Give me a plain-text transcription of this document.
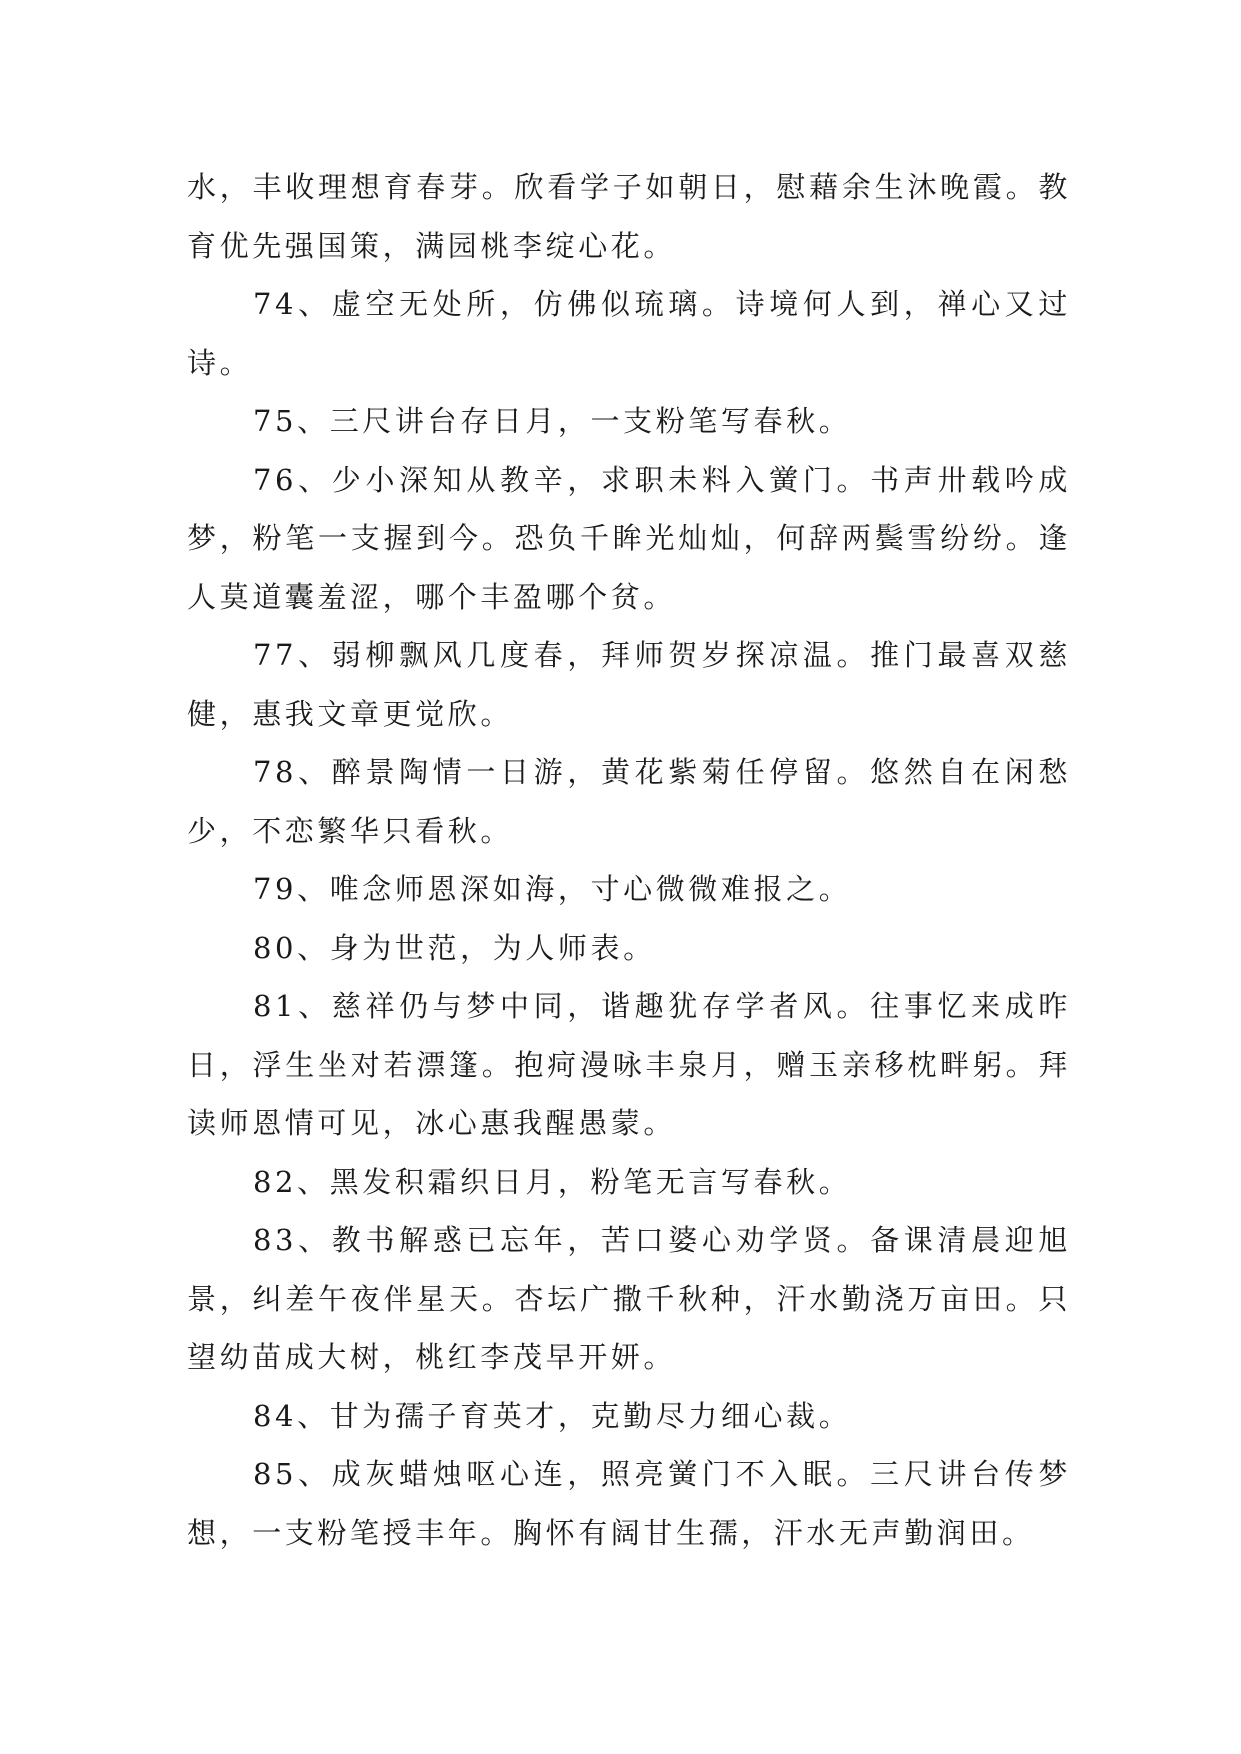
水，丰收理想育春芽。欣看学子如朝日，慰藉余生沐晚霞。教育优先强国策，满园桃李绽心花。

74、虚空无处所，仿佛似琉璃。诗境何人到，禅心又过诗。

75、三尺讲台存日月，一支粉笔写春秋。

76、少小深知从教辛，求职未料入黉门。书声卅载吟成梦，粉笔一支握到今。恐负千眸光灿灿，何辞两鬓雪纷纷。逢人莫道囊羞涩，哪个丰盈哪个贫。

77、弱柳飘风几度春，拜师贺岁探凉温。推门最喜双慈健，惠我文章更觉欣。

78、醉景陶情一日游，黄花紫菊任停留。悠然自在闲愁少，不恋繁华只看秋。

79、唯念师恩深如海，寸心微微难报之。

80、身为世范，为人师表。

81、慈祥仍与梦中同，谐趣犹存学者风。往事忆来成昨日，浮生坐对若漂篷。抱疴漫咏丰泉月，赠玉亲移枕畔躬。拜读师恩情可见，冰心惠我醒愚蒙。

82、黑发积霜织日月，粉笔无言写春秋。

83、教书解惑已忘年，苦口婆心劝学贤。备课清晨迎旭景，纠差午夜伴星天。杏坛广撒千秋种，汗水勤浇万亩田。只望幼苗成大树，桃红李茂早开妍。

84、甘为孺子育英才，克勤尽力细心裁。

85、成灰蜡烛呕心连，照亮黉门不入眠。三尺讲台传梦想，一支粉笔授丰年。胸怀有阔甘生孺，汗水无声勤润田。
